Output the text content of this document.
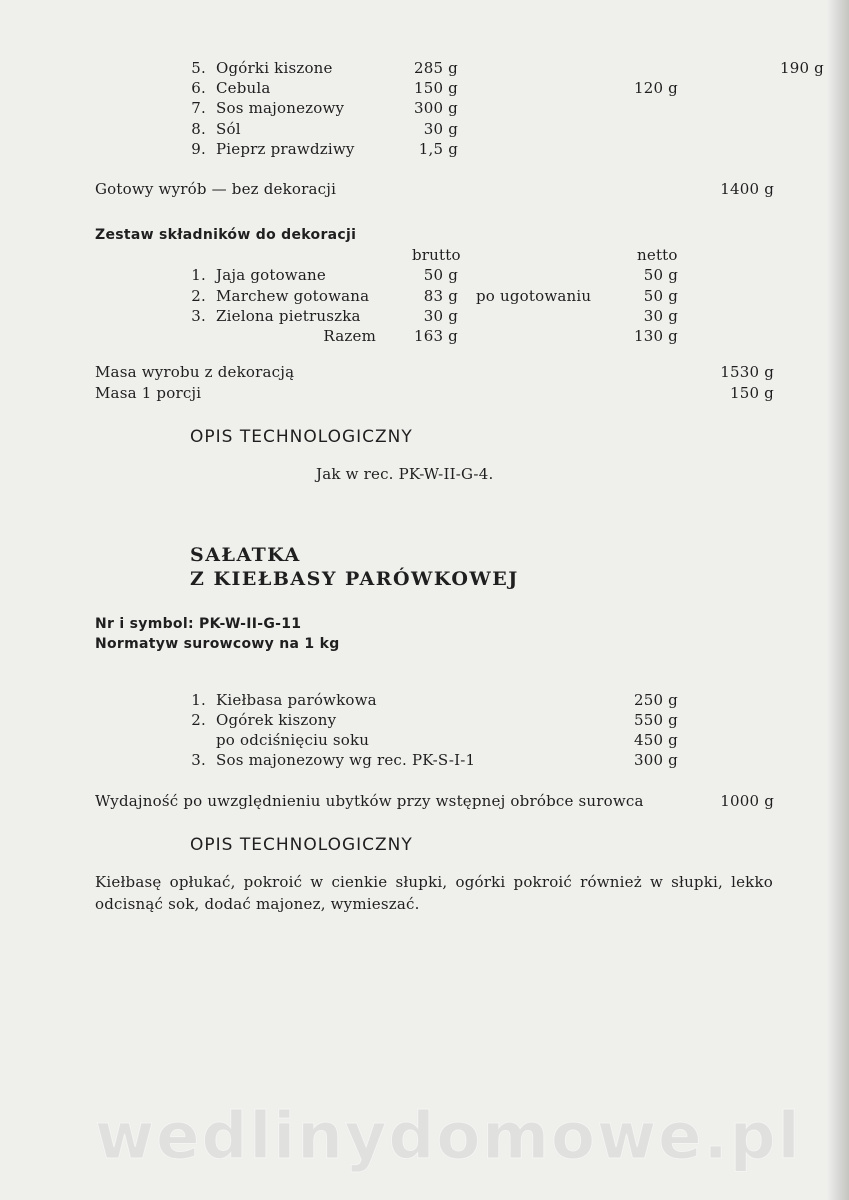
5. Ogórki kiszone	285 g	190 g
6. Cebula	150 g	120 g
7. Sos majonezowy	300 g
8. Sól	30 g
9. Pieprz prawdziwy	1,5 g
Gotowy wyrób — bez dekoracji	1400 g
Zestaw składników do dekoracji
brutto	netto
1. Jaja gotowane	50 g	50 g
2. Marchew gotowana	83 g po ugotowaniu	50 g
3. Zielona pietruszka	30 g	30 g
Razem	163 g	130 g
Masa wyrobu z dekoracją	1530 g
Masa 1 porcji	150 g
OPIS TECHNOLOGICZNY
Jak w rec. PK-W-II-G-4.
SAŁATKA
Z KIEŁBASY PARÓWKOWEJ
Nr i symbol: PK-W-II-G-11
Normatyw surowcowy na 1 kg
1. Kiełbasa parówkowa	250 g
2. Ogórek kiszony	550 g
po odciśnięciu soku	450 g
3. Sos majonezowy wg rec. PK-S-I-1	300 g
Wydajność po uwzględnieniu ubytków przy wstępnej obróbce surowca	1000 g
OPIS TECHNOLOGICZNY
Kiełbasę opłukać, pokroić w cienkie słupki, ogórki pokroić również w słupki, lekko odcisnąć sok, dodać majonez, wymieszać.
wedlinydomowe.pl
